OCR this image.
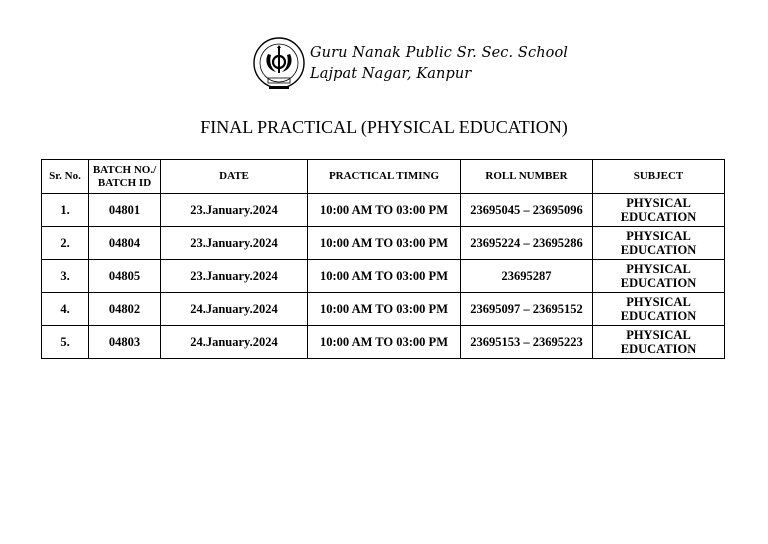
Guru Nanak Public Sr. Sec. School
Lajpat Nagar, Kanpur
FINAL PRACTICAL (PHYSICAL EDUCATION)
Sr. No.	BATCH NO./ BATCH ID	DATE	PRACTICAL TIMING	ROLL NUMBER	SUBJECT
1.	04801	23.January.2024	10:00 AM TO 03:00 PM	23695045 – 23695096	PHYSICAL EDUCATION
2.	04804	23.January.2024	10:00 AM TO 03:00 PM	23695224 – 23695286	PHYSICAL EDUCATION
3.	04805	23.January.2024	10:00 AM TO 03:00 PM	23695287	PHYSICAL EDUCATION
4.	04802	24.January.2024	10:00 AM TO 03:00 PM	23695097 – 23695152	PHYSICAL EDUCATION
5.	04803	24.January.2024	10:00 AM TO 03:00 PM	23695153 – 23695223	PHYSICAL EDUCATION
